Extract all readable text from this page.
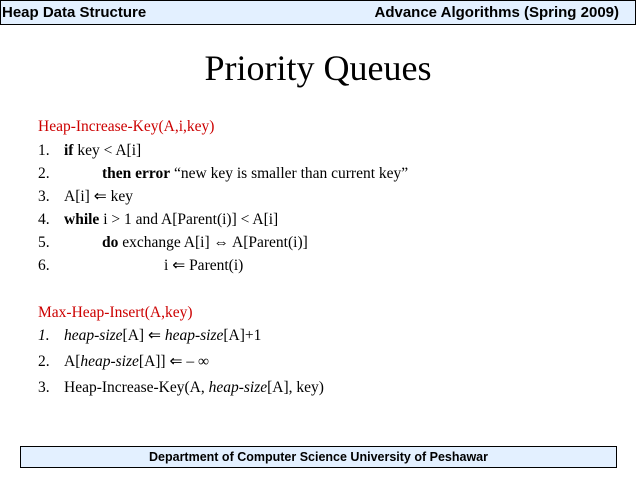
Heap Data Structure	Advance Algorithms (Spring 2009)
Priority Queues
Heap-Increase-Key(A,i,key)
1. if key < A[i]
2.	then error “new key is smaller than current key”
3. A[i] ⇐ key
4. while i > 1 and A[Parent(i)] < A[i]
5.	do exchange A[i] ⇔ A[Parent(i)]
6.	i ⇐ Parent(i)
Max-Heap-Insert(A,key)
1. heap-size[A] ⇐ heap-size[A]+1
2. A[heap-size[A]] ⇐ – ∞
3. Heap-Increase-Key(A, heap-size[A], key)
Department of Computer Science University of Peshawar
